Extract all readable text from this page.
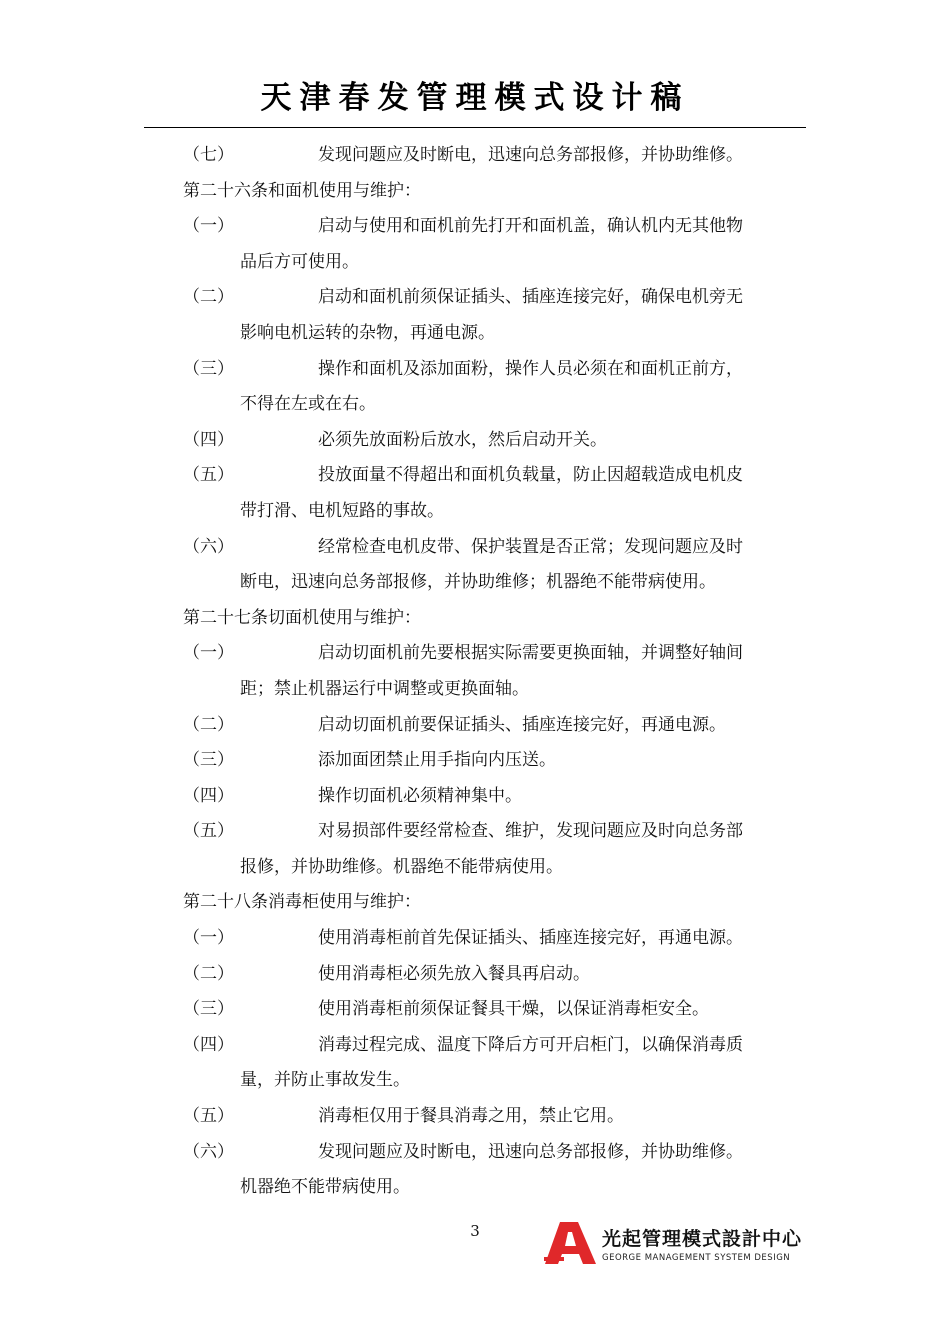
天津春发管理模式设计稿
（七）	发现问题应及时断电，迅速向总务部报修，并协助维修。
第二十六条和面机使用与维护：
（一）	启动与使用和面机前先打开和面机盖，确认机内无其他物
品后方可使用。
（二）	启动和面机前须保证插头、插座连接完好，确保电机旁无
影响电机运转的杂物，再通电源。
（三）	操作和面机及添加面粉，操作人员必须在和面机正前方，
不得在左或在右。
（四）	必须先放面粉后放水，然后启动开关。
（五）	投放面量不得超出和面机负载量，防止因超载造成电机皮
带打滑、电机短路的事故。
（六）	经常检查电机皮带、保护装置是否正常；发现问题应及时
断电，迅速向总务部报修，并协助维修；机器绝不能带病使用。
第二十七条切面机使用与维护：
（一）	启动切面机前先要根据实际需要更换面轴，并调整好轴间
距；禁止机器运行中调整或更换面轴。
（二）	启动切面机前要保证插头、插座连接完好，再通电源。
（三）	添加面团禁止用手指向内压送。
（四）	操作切面机必须精神集中。
（五）	对易损部件要经常检查、维护，发现问题应及时向总务部
报修，并协助维修。机器绝不能带病使用。
第二十八条消毒柜使用与维护：
（一）	使用消毒柜前首先保证插头、插座连接完好，再通电源。
（二）	使用消毒柜必须先放入餐具再启动。
（三）	使用消毒柜前须保证餐具干燥，以保证消毒柜安全。
（四）	消毒过程完成、温度下降后方可开启柜门，以确保消毒质
量，并防止事故发生。
（五）	消毒柜仅用于餐具消毒之用，禁止它用。
（六）	发现问题应及时断电，迅速向总务部报修，并协助维修。
机器绝不能带病使用。
3	光起管理模式設計中心
GEORGE MANAGEMENT SYSTEM DESIGN
